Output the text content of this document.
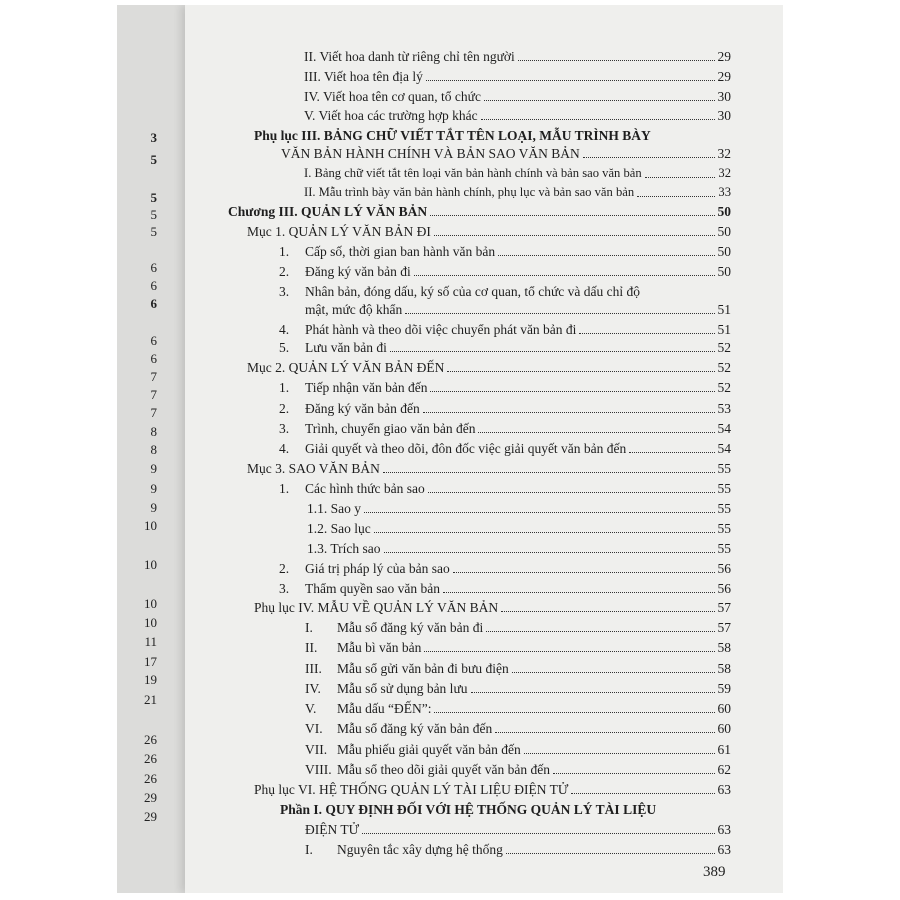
3
5
5
5
5
6
6
6
6
6
7
7
7
8
8
9
9
9
10
10
10
10
11
17
19
21
26
26
26
29
29
II. Viết hoa danh từ riêng chỉ tên người	29
III. Viết hoa tên địa lý	29
IV. Viết hoa tên cơ quan, tổ chức	30
V. Viết hoa các trường hợp khác	30
Phụ lục III. BẢNG CHỮ VIẾT TẮT TÊN LOẠI, MẪU TRÌNH BÀY
VĂN BẢN HÀNH CHÍNH VÀ BẢN SAO VĂN BẢN	32
I. Bảng chữ viết tắt tên loại văn bản hành chính và bản sao văn bản	32
II. Mẫu trình bày văn bản hành chính, phụ lục và bản sao văn bản	33
Chương III. QUẢN LÝ VĂN BẢN	50
Mục 1. QUẢN LÝ VĂN BẢN ĐI	50
1. Cấp số, thời gian ban hành văn bản	50
2. Đăng ký văn bản đi	50
3. Nhân bản, đóng dấu, ký số của cơ quan, tổ chức và dấu chỉ độ
mật, mức độ khẩn	51
4. Phát hành và theo dõi việc chuyển phát văn bản đi	51
5. Lưu văn bản đi	52
Mục 2. QUẢN LÝ VĂN BẢN ĐẾN	52
1. Tiếp nhận văn bản đến	52
2. Đăng ký văn bản đến	53
3. Trình, chuyển giao văn bản đến	54
4. Giải quyết và theo dõi, đôn đốc việc giải quyết văn bản đến	54
Mục 3. SAO VĂN BẢN	55
1. Các hình thức bản sao	55
1.1. Sao y	55
1.2. Sao lục	55
1.3. Trích sao	55
2. Giá trị pháp lý của bản sao	56
3. Thẩm quyền sao văn bản	56
Phụ lục IV. MẪU VỀ QUẢN LÝ VĂN BẢN	57
I. Mẫu sổ đăng ký văn bản đi	57
II. Mẫu bì văn bản	58
III. Mẫu sổ gửi văn bản đi bưu điện	58
IV. Mẫu sổ sử dụng bản lưu	59
V. Mẫu dấu “ĐẾN”:	60
VI. Mẫu sổ đăng ký văn bản đến	60
VII. Mẫu phiếu giải quyết văn bản đến	61
VIII. Mẫu sổ theo dõi giải quyết văn bản đến	62
Phụ lục VI. HỆ THỐNG QUẢN LÝ TÀI LIỆU ĐIỆN TỬ	63
Phần I. QUY ĐỊNH ĐỐI VỚI HỆ THỐNG QUẢN LÝ TÀI LIỆU
ĐIỆN TỬ	63
I. Nguyên tắc xây dựng hệ thống	63
389
